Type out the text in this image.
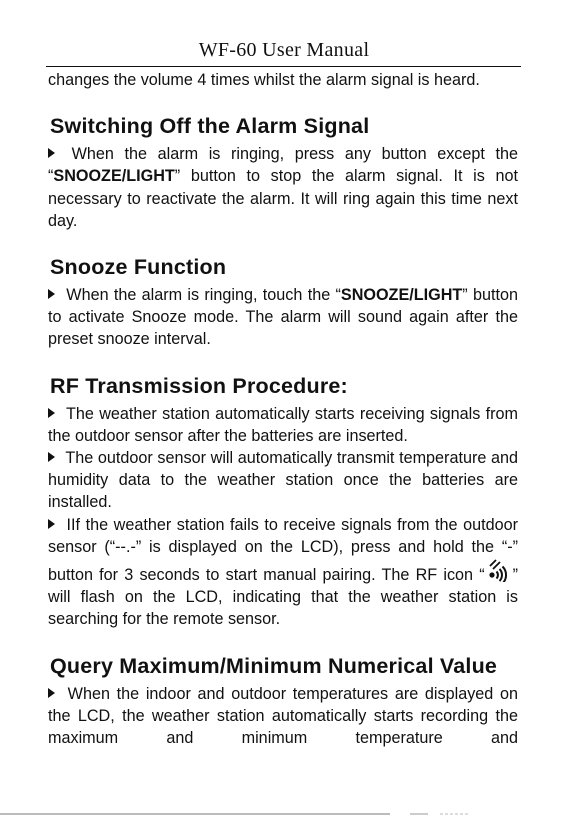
WF-60 User Manual

changes the volume 4 times whilst the alarm signal is heard.

Switching Off the Alarm Signal

When the alarm is ringing, press any button except the “SNOOZE/LIGHT” button to stop the alarm signal. It is not necessary to reactivate the alarm. It will ring again this time next day.

Snooze Function

When the alarm is ringing, touch the “SNOOZE/LIGHT” button to activate Snooze mode. The alarm will sound again after the preset snooze interval.

RF Transmission Procedure:

The weather station automatically starts receiving signals from the outdoor sensor after the batteries are inserted.

The outdoor sensor will automatically transmit temperature and humidity data to the weather station once the batteries are installed.

IIf the weather station fails to receive signals from the outdoor sensor (“--.-” is displayed on the LCD), press and hold the “-” button for 3 seconds to start manual pairing. The RF icon “ ” will flash on the LCD, indicating that the weather station is searching for the remote sensor.

Query Maximum/Minimum Numerical Value

When the indoor and outdoor temperatures are displayed on the LCD, the weather station automatically starts recording the maximum and minimum temperature and
